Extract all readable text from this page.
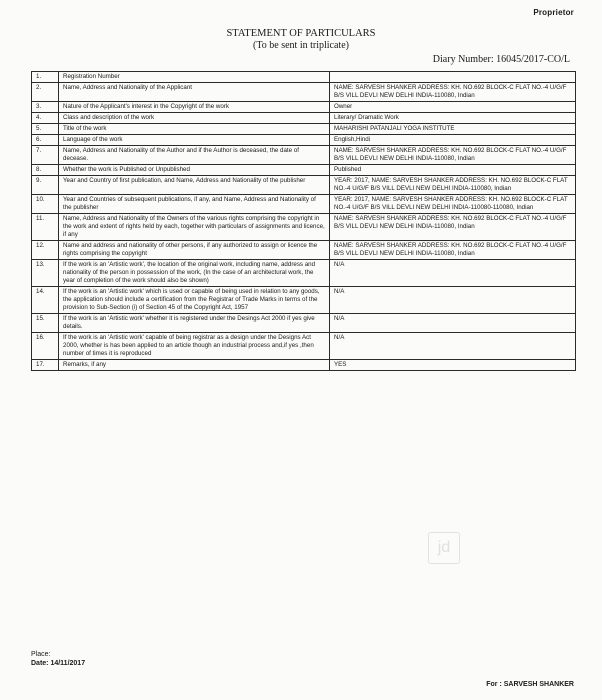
Proprietor
STATEMENT OF PARTICULARS
(To be sent in triplicate)
Diary Number: 16045/2017-CO/L
1.	Registration Number	
2.	Name, Address and Nationality of the Applicant	NAME: SARVESH SHANKER ADDRESS: KH. NO.692 BLOCK-C FLAT NO.-4 U/G/F B/S VILL DEVLI NEW DELHI INDIA-110080, Indian
3.	Nature of the Applicant's interest in the Copyright of the work	Owner
4.	Class and description of the work	Literary/ Dramatic Work
5.	Title of the work	MAHARISHI PATANJALI YOGA INSTITUTE
6.	Language of the work	English,Hindi
7.	Name, Address and Nationality of the Author and if the Author is deceased, the date of decease.	NAME: SARVESH SHANKER ADDRESS: KH. NO.692 BLOCK-C FLAT NO.-4 U/G/F B/S VILL DEVLI NEW DELHI INDIA-110080, Indian
8.	Whether the work is Published or Unpublished	Published
9.	Year and Country of first publication, and Name, Address and Nationality of the publisher	YEAR: 2017, NAME: SARVESH SHANKER ADDRESS: KH. NO.692 BLOCK-C FLAT NO.-4 U/G/F B/S VILL DEVLI NEW DELHI INDIA-110080, Indian
10.	Year and Countries of subsequent publications, if any, and Name, Address and Nationality of the publisher	YEAR: 2017, NAME: SARVESH SHANKER ADDRESS: KH. NO.692 BLOCK-C FLAT NO.-4 U/G/F B/S VILL DEVLI NEW DELHI INDIA-110080-110080, Indian
11.	Name, Address and Nationality of the Owners of the various rights comprising the copyright in the work and extent of rights held by each, together with particulars of assignments and licence, if any	NAME: SARVESH SHANKER ADDRESS: KH. NO.692 BLOCK-C FLAT NO.-4 U/G/F B/S VILL DEVLI NEW DELHI INDIA-110080, Indian
12.	Name and address and nationality of other persons, if any authorized to assign or licence the rights comprising the copyright	NAME: SARVESH SHANKER ADDRESS: KH. NO.692 BLOCK-C FLAT NO.-4 U/G/F B/S VILL DEVLI NEW DELHI INDIA-110080, Indian
13.	If the work is an 'Artistic work', the location of the original work, including name, address and nationality of the person in possession of the work, (In the case of an architectural work, the year of completion of the work should also be shown)	N/A
14.	If the work is an 'Artistic work' which is used or capable of being used in relation to any goods, the application should include a certification from the Registrar of Trade Marks in terms of the provision to Sub-Section (i) of Section 45 of the Copyright Act, 1957	N/A
15.	If the work is an 'Artistic work' whether it is registered under the Desings Act 2000 if yes give details.	N/A
16.	If the work is an 'Artistic work' capable of being registrar as a design under the Designs Act 2000, whether is has been applied to an article though an industrial process and,if yes ,then number of times it is reproduced	N/A
17.	Remarks, if any	YES
jd
Place:
Date: 14/11/2017
For : SARVESH SHANKER
